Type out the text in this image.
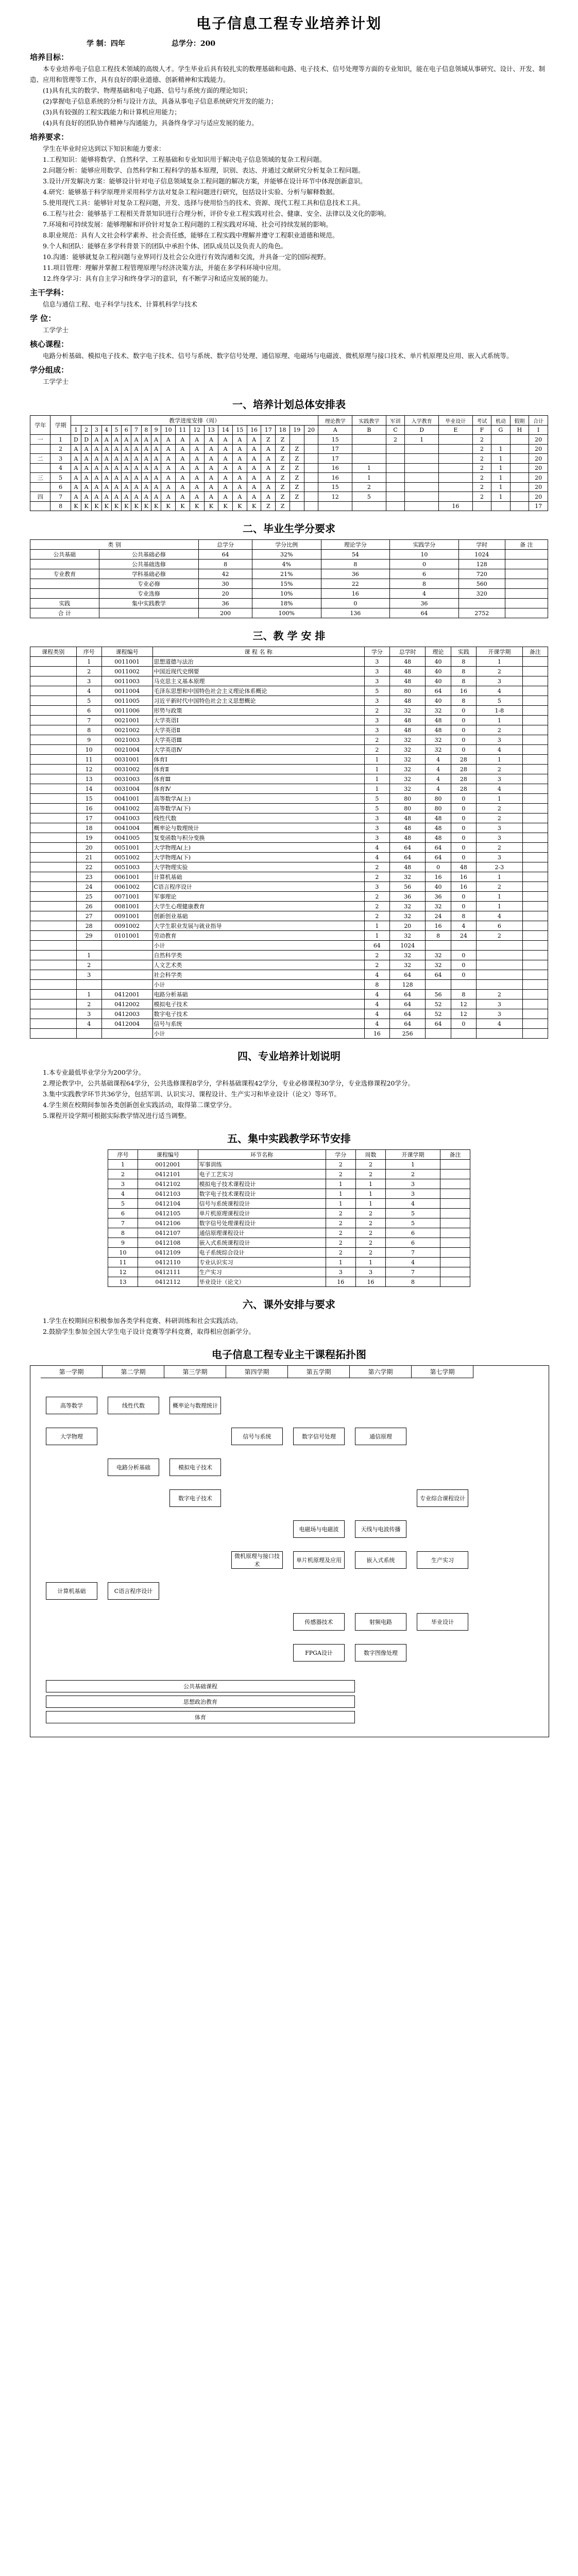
电子信息工程专业培养计划
学 制：四年	总学分：200
培养目标：

本专业培养电子信息工程技术领域的高级人才。学生毕业后具有较扎实的数理基础和电路、电子技术、信号处理等方面的专业知识，能在电子信息领域从事研究、设计、开发、制造、应用和管理等工作，具有良好的职业道德、创新精神和实践能力。

(1)具有扎实的数学、物理基础和电子电路、信号与系统方面的理论知识；

(2)掌握电子信息系统的分析与设计方法，具备从事电子信息系统研究开发的能力；

(3)具有较强的工程实践能力和计算机应用能力；

(4)具有良好的团队协作精神与沟通能力，具备终身学习与适应发展的能力。

培养要求：

学生在毕业时应达到以下知识和能力要求：

1.工程知识：能够将数学、自然科学、工程基础和专业知识用于解决电子信息领域的复杂工程问题。

2.问题分析：能够应用数学、自然科学和工程科学的基本原理，识别、表达、并通过文献研究分析复杂工程问题。

3.设计/开发解决方案：能够设计针对电子信息领域复杂工程问题的解决方案，并能够在设计环节中体现创新意识。

4.研究：能够基于科学原理并采用科学方法对复杂工程问题进行研究，包括设计实验、分析与解释数据。

5.使用现代工具：能够针对复杂工程问题，开发、选择与使用恰当的技术、资源、现代工程工具和信息技术工具。

6.工程与社会：能够基于工程相关背景知识进行合理分析，评价专业工程实践对社会、健康、安全、法律以及文化的影响。

7.环境和可持续发展：能够理解和评价针对复杂工程问题的工程实践对环境、社会可持续发展的影响。

8.职业规范：具有人文社会科学素养、社会责任感，能够在工程实践中理解并遵守工程职业道德和规范。

9.个人和团队：能够在多学科背景下的团队中承担个体、团队成员以及负责人的角色。

10.沟通：能够就复杂工程问题与业界同行及社会公众进行有效沟通和交流，并具备一定的国际视野。

11.项目管理：理解并掌握工程管理原理与经济决策方法，并能在多学科环境中应用。

12.终身学习：具有自主学习和终身学习的意识，有不断学习和适应发展的能力。

主干学科：

信息与通信工程、电子科学与技术、计算机科学与技术

学 位：

工学学士

核心课程：

电路分析基础、模拟电子技术、数字电子技术、信号与系统、数字信号处理、通信原理、电磁场与电磁波、微机原理与接口技术、单片机原理及应用、嵌入式系统等。

学分组成：

工学学士

一、培养计划总体安排表
学年	学期	教学进度安排（周）																				理论教学	实践教学	军训	入学教育	毕业设计	考试	机动	假期	合计
		1	2	3	4	5	6	7	8	9	10	11	12	13	14	15	16	17	18	19	20	A	B	C	D	E	F	G	H	I
一	1	D	D	A	A	A	A	A	A	A	A	A	A	A	A	A	A	Z	Z			15		2	1		2			20
	2	A	A	A	A	A	A	A	A	A	A	A	A	A	A	A	A	A	Z	Z		17					2	1		20
二	3	A	A	A	A	A	A	A	A	A	A	A	A	A	A	A	A	A	Z	Z		17					2	1		20
	4	A	A	A	A	A	A	A	A	A	A	A	A	A	A	A	A	A	Z	Z		16	1				2	1		20
三	5	A	A	A	A	A	A	A	A	A	A	A	A	A	A	A	A	A	Z	Z		16	1				2	1		20
	6	A	A	A	A	A	A	A	A	A	A	A	A	A	A	A	A	A	Z	Z		15	2				2	1		20
四	7	A	A	A	A	A	A	A	A	A	A	A	A	A	A	A	A	A	Z	Z		12	5				2	1		20
	8	K	K	K	K	K	K	K	K	K	K	K	K	K	K	K	K	Z	Z							16				17
二、毕业生学分要求
类 别		总学分	学分比例	理论学分	实践学分	学时	备 注
公共基础	公共基础必修	64	32%	54	10	1024	
	公共基础选修	8	4%	8	0	128	
专业教育	学科基础必修	42	21%	36	6	720	
	专业必修	30	15%	22	8	560	
	专业选修	20	10%	16	4	320	
实践	集中实践教学	36	18%	0	36		
合 计		200	100%	136	64	2752	
三、教 学 安 排
课程类别	序号	课程编号	课 程 名 称	学分	总学时	理论	实践	开课学期	备注
	1	0011001	思想道德与法治	3	48	40	8	1	
	2	0011002	中国近现代史纲要	3	48	40	8	2	
	3	0011003	马克思主义基本原理	3	48	40	8	3	
	4	0011004	毛泽东思想和中国特色社会主义理论体系概论	5	80	64	16	4	
	5	0011005	习近平新时代中国特色社会主义思想概论	3	48	40	8	5	
	6	0011006	形势与政策	2	32	32	0	1-8	
	7	0021001	大学英语Ⅰ	3	48	48	0	1	
	8	0021002	大学英语Ⅱ	3	48	48	0	2	
	9	0021003	大学英语Ⅲ	2	32	32	0	3	
	10	0021004	大学英语Ⅳ	2	32	32	0	4	
	11	0031001	体育Ⅰ	1	32	4	28	1	
	12	0031002	体育Ⅱ	1	32	4	28	2	
	13	0031003	体育Ⅲ	1	32	4	28	3	
	14	0031004	体育Ⅳ	1	32	4	28	4	
	15	0041001	高等数学A(上)	5	80	80	0	1	
	16	0041002	高等数学A(下)	5	80	80	0	2	
	17	0041003	线性代数	3	48	48	0	2	
	18	0041004	概率论与数理统计	3	48	48	0	3	
	19	0041005	复变函数与积分变换	3	48	48	0	3	
	20	0051001	大学物理A(上)	4	64	64	0	2	
	21	0051002	大学物理A(下)	4	64	64	0	3	
	22	0051003	大学物理实验	2	48	0	48	2-3	
	23	0061001	计算机基础	2	32	16	16	1	
	24	0061002	C语言程序设计	3	56	40	16	2	
	25	0071001	军事理论	2	36	36	0	1	
	26	0081001	大学生心理健康教育	2	32	32	0	1	
	27	0091001	创新创业基础	2	32	24	8	4	
	28	0091002	大学生职业发展与就业指导	1	20	16	4	6	
	29	0101001	劳动教育	1	32	8	24	2	
			小计	64	1024				
	1		自然科学类	2	32	32	0		
	2		人文艺术类	2	32	32	0		
	3		社会科学类	4	64	64	0		
			小计	8	128				
	1	0412001	电路分析基础	4	64	56	8	2	
	2	0412002	模拟电子技术	4	64	52	12	3	
	3	0412003	数字电子技术	4	64	52	12	3	
	4	0412004	信号与系统	4	64	64	0	4	
			小计	16	256				
四、专业培养计划说明

1.本专业最低毕业学分为200学分。

2.理论教学中，公共基础课程64学分，公共选修课程8学分，学科基础课程42学分，专业必修课程30学分，专业选修课程20学分。

3.集中实践教学环节共36学分，包括军训、认识实习、课程设计、生产实习和毕业设计（论文）等环节。

4.学生须在校期间参加各类创新创业实践活动，取得第二课堂学分。

5.课程开设学期可根据实际教学情况进行适当调整。

五、集中实践教学环节安排
序号	课程编号	环节名称	学分	周数	开课学期	备注
1	0012001	军事训练	2	2	1	
2	0412101	电子工艺实习	2	2	2	
3	0412102	模拟电子技术课程设计	1	1	3	
4	0412103	数字电子技术课程设计	1	1	3	
5	0412104	信号与系统课程设计	1	1	4	
6	0412105	单片机原理课程设计	2	2	5	
7	0412106	数字信号处理课程设计	2	2	5	
8	0412107	通信原理课程设计	2	2	6	
9	0412108	嵌入式系统课程设计	2	2	6	
10	0412109	电子系统综合设计	2	2	7	
11	0412110	专业认识实习	1	1	4	
12	0412111	生产实习	3	3	7	
13	0412112	毕业设计（论文）	16	16	8	
六、课外安排与要求

1.学生在校期间应积极参加各类学科竞赛、科研训练和社会实践活动。

2.鼓励学生参加全国大学生电子设计竞赛等学科竞赛，取得相应创新学分。

电子信息工程专业主干课程拓扑图
第一学期	第二学期	第三学期	第四学期	第五学期	第六学期	第七学期
高等数学
大学物理
线性代数	概率论与数理统计
电路分析基础	模拟电子技术
数字电子技术
信号与系统	数字信号处理	通信原理
电磁场与电磁波
微机原理与接口技术
单片机原理及应用	嵌入式系统
C语言程序设计
计算机基础
专业综合课程设计
生产实习
毕业设计
射频电路
天线与电波传播
传感器技术
数字图像处理
FPGA设计
公共基础课程
思想政治教育
体育
